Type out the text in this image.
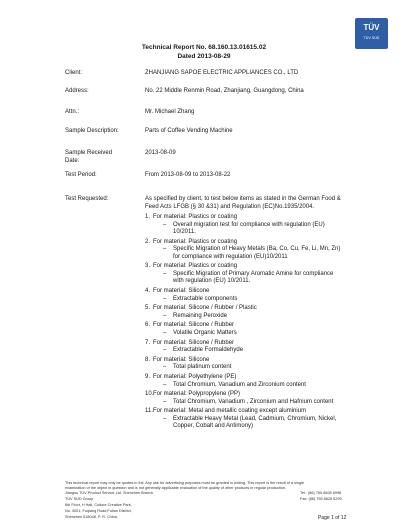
TÜV
TÜV SÜD
Technical Report No. 68.160.13.01615.02
Dated 2013-08-29
Client:	ZHANJIANG SAPOE ELECTRIC APPLIANCES CO., LTD
Address:	No. 22 Middle Renmin Road, Zhanjiang, Guangdong, China
Attn.:	Mr. Michael Zhang
Sample Description:	Parts of Coffee Vending Machine
Sample Received
Date:
2013-08-09
Test Period:	From 2013-08-09 to 2013-08-22
Test Requested:	As specified by client, to test below items as stated in the German Food & Feed Acts LFGB (§ 30 &31) and Regulation (EC)No.1935/2004.

1. For material: Plastics or coating
– Overall migration test for compliance with regulation (EU) 10/2011.
2. For material: Plastics or coating
– Specific Migration of Heavy Metals (Ba, Co, Cu, Fe, Li, Mn, Zn) for compliance with regulation (EU)10/2011
3. For material: Plastics or coating
– Specific Migration of Primary Aromatic Amine for compliance with regulation (EU) 10/2011.
4. For material: Silicone
– Extractable components
5. For material: Silicone / Rubber / Plastic
– Remaining Peroxide
6. For material: Silicone / Rubber
– Volatile Organic Matters
7. For material: Silicone / Rubber
– Extractable Formaldehyde
8. For material: Silicone
– Total platinum content
9. For material: Polyethylene (PE)
– Total Chromium, Vanadium and Zirconium content
10.For material: Polypropylene (PP)
– Total Chromium, Vanadium , Zirconium and Hafnium content
11.For material: Metal and metallic coating except aluminium
– Extractable Heavy Metal (Lead, Cadmium, Chromium, Nickel, Copper, Cobalt and Antimony)
This technical report may only be quoted in full. Any use for advertising purposes must be granted in writing. This report is the result of a single
examination of the object in question and is not generally applicable evaluation of the quality of other products in regular production.
Jiangsu TÜV Product Service Ltd. Shenzhen Branch
TÜV SÜD Group
6th Floor, H Hall, Culture Creative Park,
No. 4001, Fuqiang Road,Futian District,
Shenzhen 518048, P. R. China
Tel.: (86) 755 8828 6998
Fax: (86) 755 8828 5299
Page 1 of 12
